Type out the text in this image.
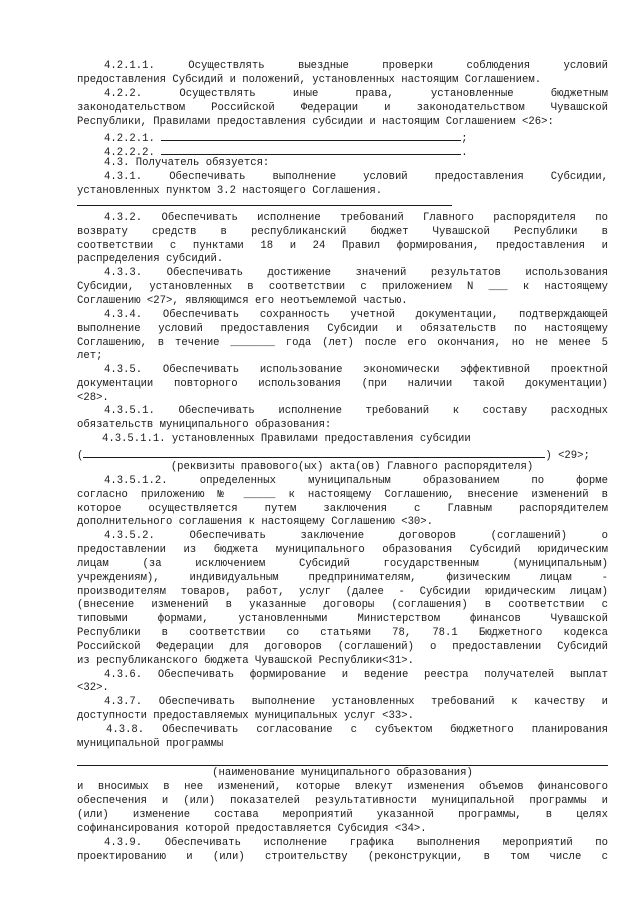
4.2.1.1. Осуществлять выездные проверки соблюдения условий
предоставления Субсидий и положений, установленных настоящим Соглашением.
4.2.2. Осуществлять иные права, установленные бюджетным
законодательством Российской Федерации и законодательством Чувашской
Республики, Правилами предоставления субсидии и настоящим Соглашением <26>:
4.2.2.1.	;
4.2.2.2.	.
4.3. Получатель обязуется:
4.3.1. Обеспечивать выполнение условий предоставления Субсидии,
установленных пунктом 3.2 настоящего Соглашения.
4.3.2. Обеспечивать исполнение требований Главного распорядителя по
возврату средств в республиканский бюджет Чувашской Республики в
соответствии с пунктами 18 и 24 Правил формирования, предоставления и
распределения субсидий.
4.3.3. Обеспечивать достижение значений результатов использования
Субсидии, установленных в соответствии с приложением N ___ к настоящему
Соглашению <27>, являющимся его неотъемлемой частью.
4.3.4. Обеспечивать сохранность учетной документации, подтверждающей
выполнение условий предоставления Субсидии и обязательств по настоящему
Соглашению, в течение _______ года (лет) после его окончания, но не менее 5
лет;
4.3.5. Обеспечивать использование экономически эффективной проектной
документации повторного использования (при наличии такой документации)
<28>.
4.3.5.1. Обеспечивать исполнение требований к составу расходных
обязательств муниципального образования:
4.3.5.1.1. установленных Правилами предоставления субсидии
(	) <29>;
(реквизиты правового(ых) акта(ов) Главного распорядителя)
4.3.5.1.2. определенных муниципальным образованием по форме
согласно приложению № _____ к настоящему Соглашению, внесение изменений в
которое осуществляется путем заключения с Главным распорядителем
дополнительного соглашения к настоящему Соглашению <30>.
4.3.5.2. Обеспечивать заключение договоров (соглашений) о
предоставлении из бюджета муниципального образования Субсидий юридическим
лицам (за исключением Субсидий государственным (муниципальным)
учреждениям), индивидуальным предпринимателям, физическим лицам -
производителям товаров, работ, услуг (далее - Субсидии юридическим лицам)
(внесение изменений в указанные договоры (соглашения) в соответствии с
типовыми формами, установленными Министерством финансов Чувашской
Республики в соответствии со статьями 78, 78.1 Бюджетного кодекса
Российской Федерации для договоров (соглашений) о предоставлении Субсидий
из республиканского бюджета Чувашской Республики<31>.
4.3.6. Обеспечивать формирование и ведение реестра получателей выплат
<32>.
4.3.7. Обеспечивать выполнение установленных требований к качеству и
доступности предоставляемых муниципальных услуг <33>.
4.3.8. Обеспечивать согласование с субъектом бюджетного планирования
муниципальной программы
(наименование муниципального образования)
и вносимых в нее изменений, которые влекут изменения объемов финансового
обеспечения и (или) показателей результативности муниципальной программы и
(или) изменение состава мероприятий указанной программы, в целях
софинансирования которой предоставляется Субсидия <34>.
4.3.9. Обеспечивать исполнение графика выполнения мероприятий по
проектированию и (или) строительству (реконструкции, в том числе с
